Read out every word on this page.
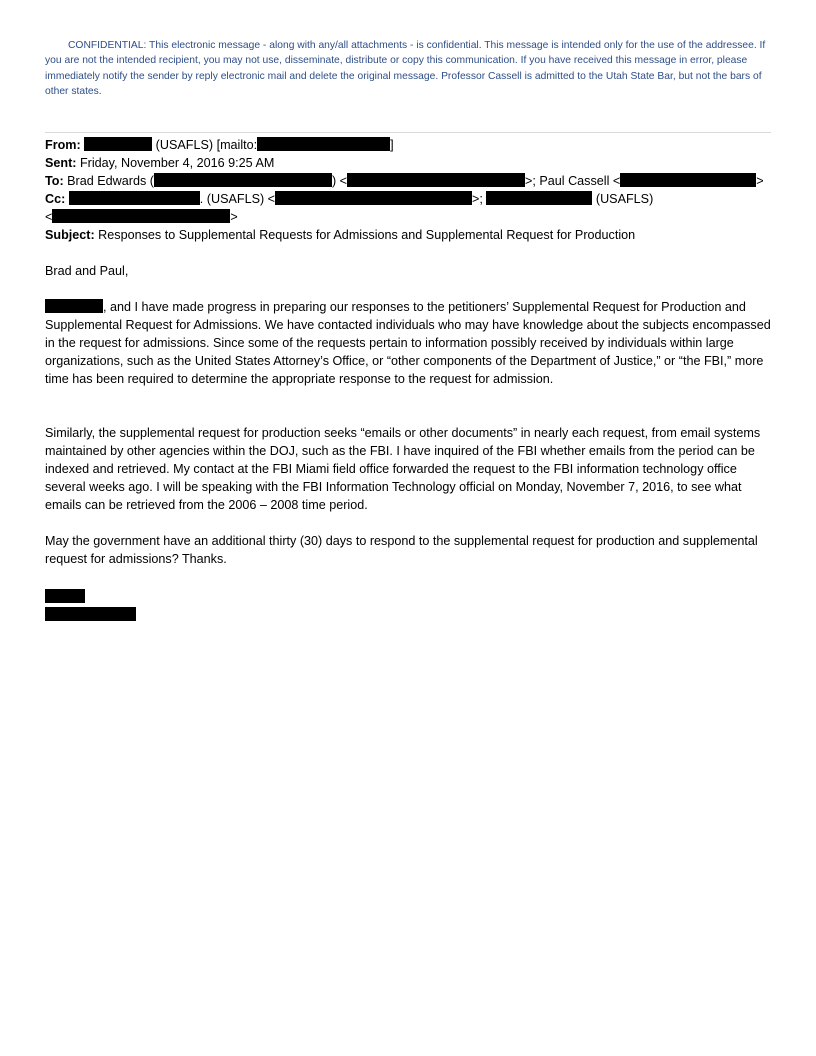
CONFIDENTIAL: This electronic message - along with any/all attachments - is confidential. This message is intended only for the use of the addressee. If you are not the intended recipient, you may not use, disseminate, distribute or copy this communication. If you have received this message in error, please immediately notify the sender by reply electronic mail and delete the original message. Professor Cassell is admitted to the Utah State Bar, but not the bars of other states.
From:	(USAFLS) [mailto:	]
Sent: Friday, November 4, 2016 9:25 AM
To: Brad Edwards (	) <	>; Paul Cassell <	>
Cc:	. (USAFLS) <	>;	(USAFLS)
<	>
Subject: Responses to Supplemental Requests for Admissions and Supplemental Request for Production
Brad and Paul,
, and I have made progress in preparing our responses to the petitioners’ Supplemental Request for Production and Supplemental Request for Admissions. We have contacted individuals who may have knowledge about the subjects encompassed in the request for admissions. Since some of the requests pertain to information possibly received by individuals within large organizations, such as the United States Attorney’s Office, or “other components of the Department of Justice,” or “the FBI,” more time has been required to determine the appropriate response to the request for admission.
Similarly, the supplemental request for production seeks “emails or other documents” in nearly each request, from email systems maintained by other agencies within the DOJ, such as the FBI. I have inquired of the FBI whether emails from the period can be indexed and retrieved. My contact at the FBI Miami field office forwarded the request to the FBI information technology office several weeks ago. I will be speaking with the FBI Information Technology official on Monday, November 7, 2016, to see what emails can be retrieved from the 2006 – 2008 time period.
May the government have an additional thirty (30) days to respond to the supplemental request for production and supplemental request for admissions? Thanks.
